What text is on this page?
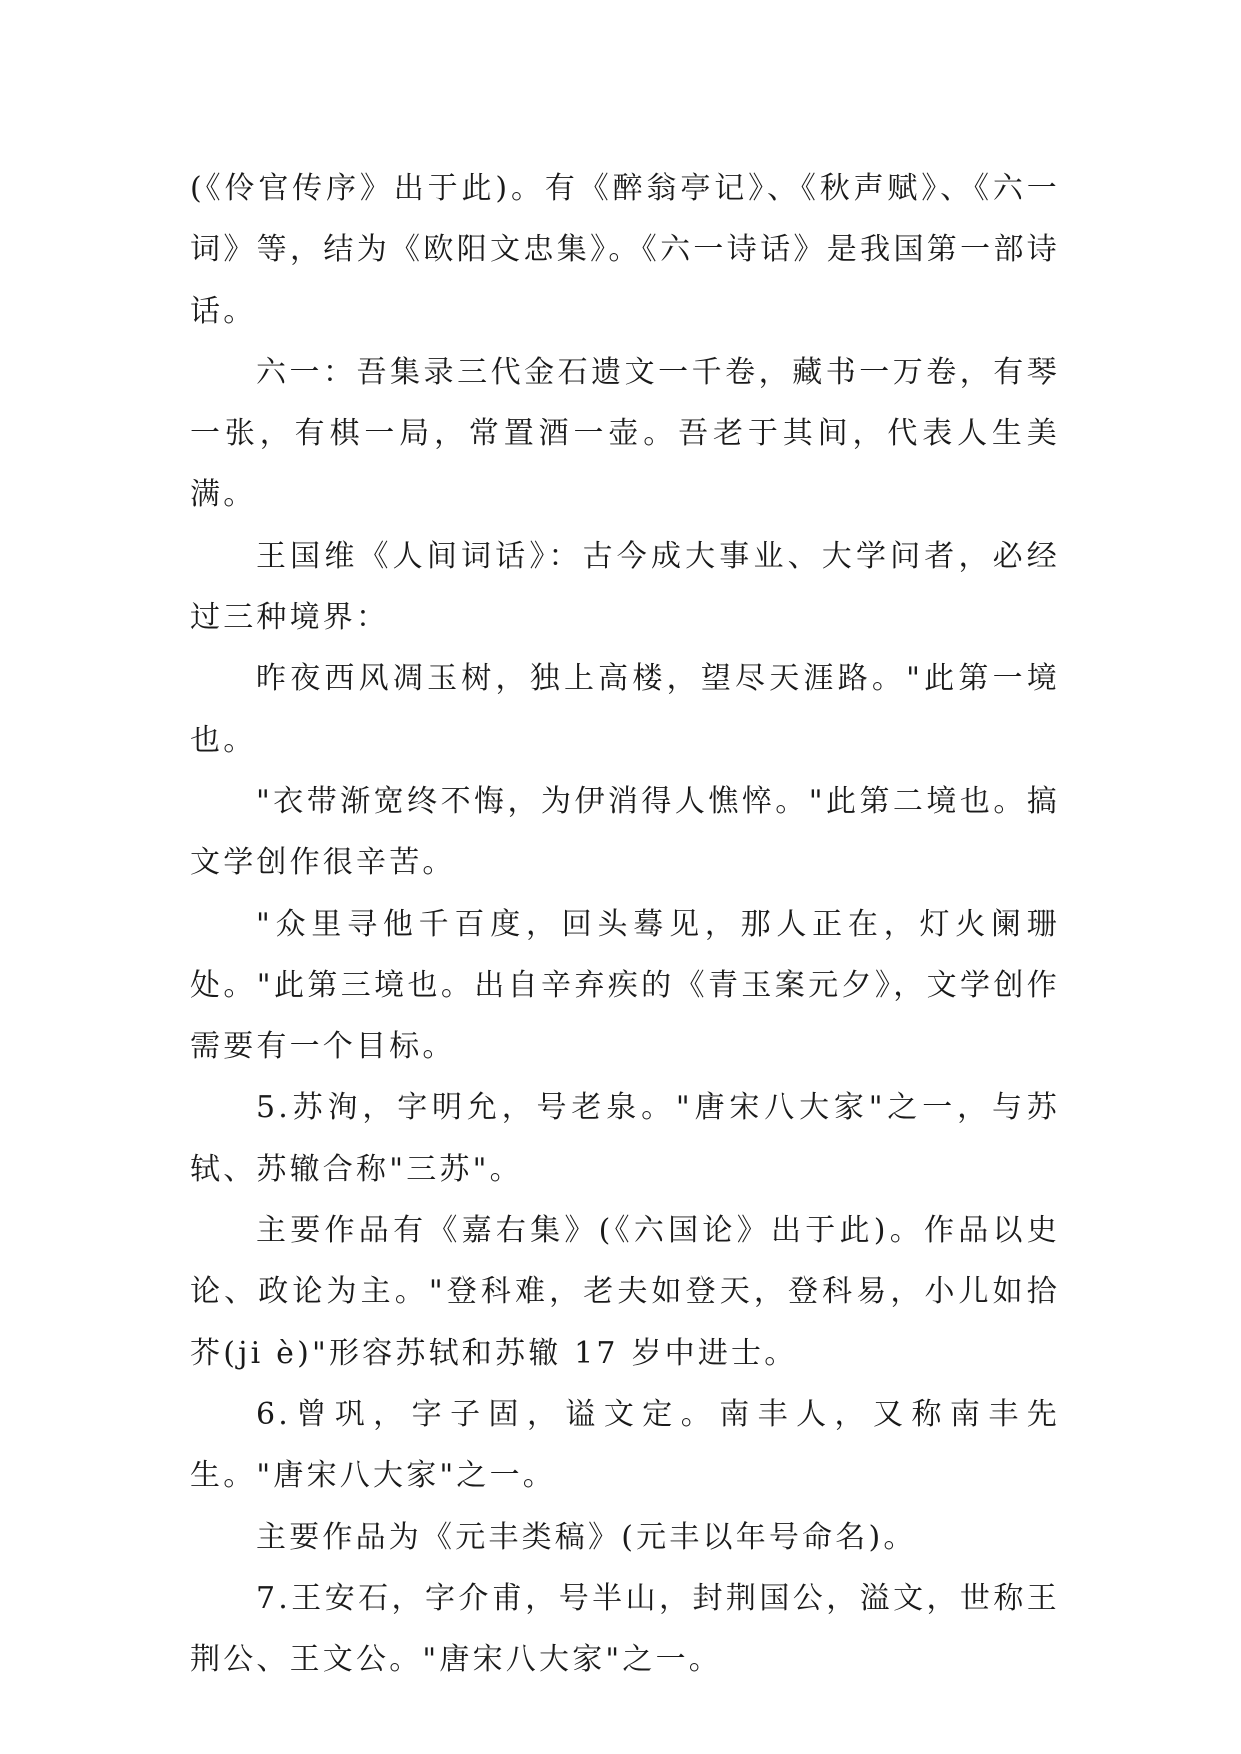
(《伶官传序》出于此)。有《醉翁亭记》、《秋声赋》、《六一词》等，结为《欧阳文忠集》。《六一诗话》是我国第一部诗话。

六一：吾集录三代金石遗文一千卷，藏书一万卷，有琴一张，有棋一局，常置酒一壶。吾老于其间，代表人生美满。

王国维《人间词话》：古今成大事业、大学问者，必经过三种境界：

昨夜西风凋玉树，独上高楼，望尽天涯路。"此第一境也。

"衣带渐宽终不悔，为伊消得人憔悴。"此第二境也。搞文学创作很辛苦。

"众里寻他千百度，回头蓦见，那人正在，灯火阑珊处。"此第三境也。出自辛弃疾的《青玉案元夕》，文学创作需要有一个目标。

5.苏洵，字明允，号老泉。"唐宋八大家"之一，与苏轼、苏辙合称"三苏"。

主要作品有《嘉右集》(《六国论》出于此)。作品以史论、政论为主。"登科难，老夫如登天，登科易，小儿如拾芥(ji è)"形容苏轼和苏辙 17 岁中进士。

6.曾巩，字子固，谥文定。南丰人，又称南丰先生。"唐宋八大家"之一。

主要作品为《元丰类稿》(元丰以年号命名)。

7.王安石，字介甫，号半山，封荆国公，溢文，世称王荆公、王文公。"唐宋八大家"之一。
